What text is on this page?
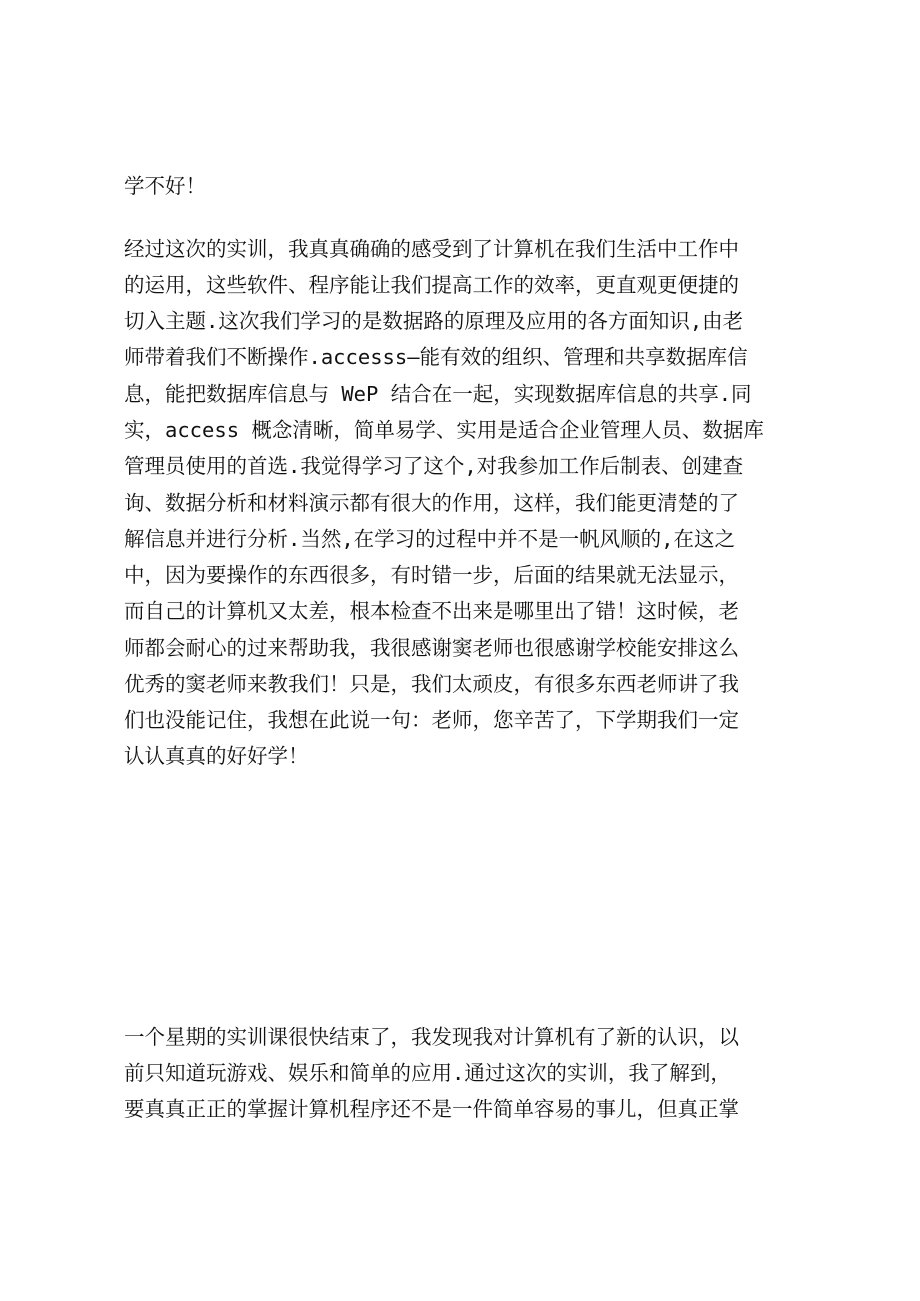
学不好！
经过这次的实训，我真真确确的感受到了计算机在我们生活中工作中
的运用，这些软件、程序能让我们提高工作的效率，更直观更便捷的
切入主题.这次我们学习的是数据路的原理及应用的各方面知识,由老
师带着我们不断操作.accesss—能有效的组织、管理和共享数据库信
息，能把数据库信息与 WeP 结合在一起，实现数据库信息的共享.同
实，access 概念清晰，简单易学、实用是适合企业管理人员、数据库
管理员使用的首选.我觉得学习了这个,对我参加工作后制表、创建查
询、数据分析和材料演示都有很大的作用，这样，我们能更清楚的了
解信息并进行分析.当然,在学习的过程中并不是一帆风顺的,在这之
中，因为要操作的东西很多，有时错一步，后面的结果就无法显示，
而自己的计算机又太差，根本检查不出来是哪里出了错！这时候，老
师都会耐心的过来帮助我，我很感谢窦老师也很感谢学校能安排这么
优秀的窦老师来教我们！只是，我们太顽皮，有很多东西老师讲了我
们也没能记住，我想在此说一句：老师，您辛苦了，下学期我们一定
认认真真的好好学！
一个星期的实训课很快结束了，我发现我对计算机有了新的认识，以
前只知道玩游戏、娱乐和简单的应用.通过这次的实训，我了解到，
要真真正正的掌握计算机程序还不是一件简单容易的事儿，但真正掌
